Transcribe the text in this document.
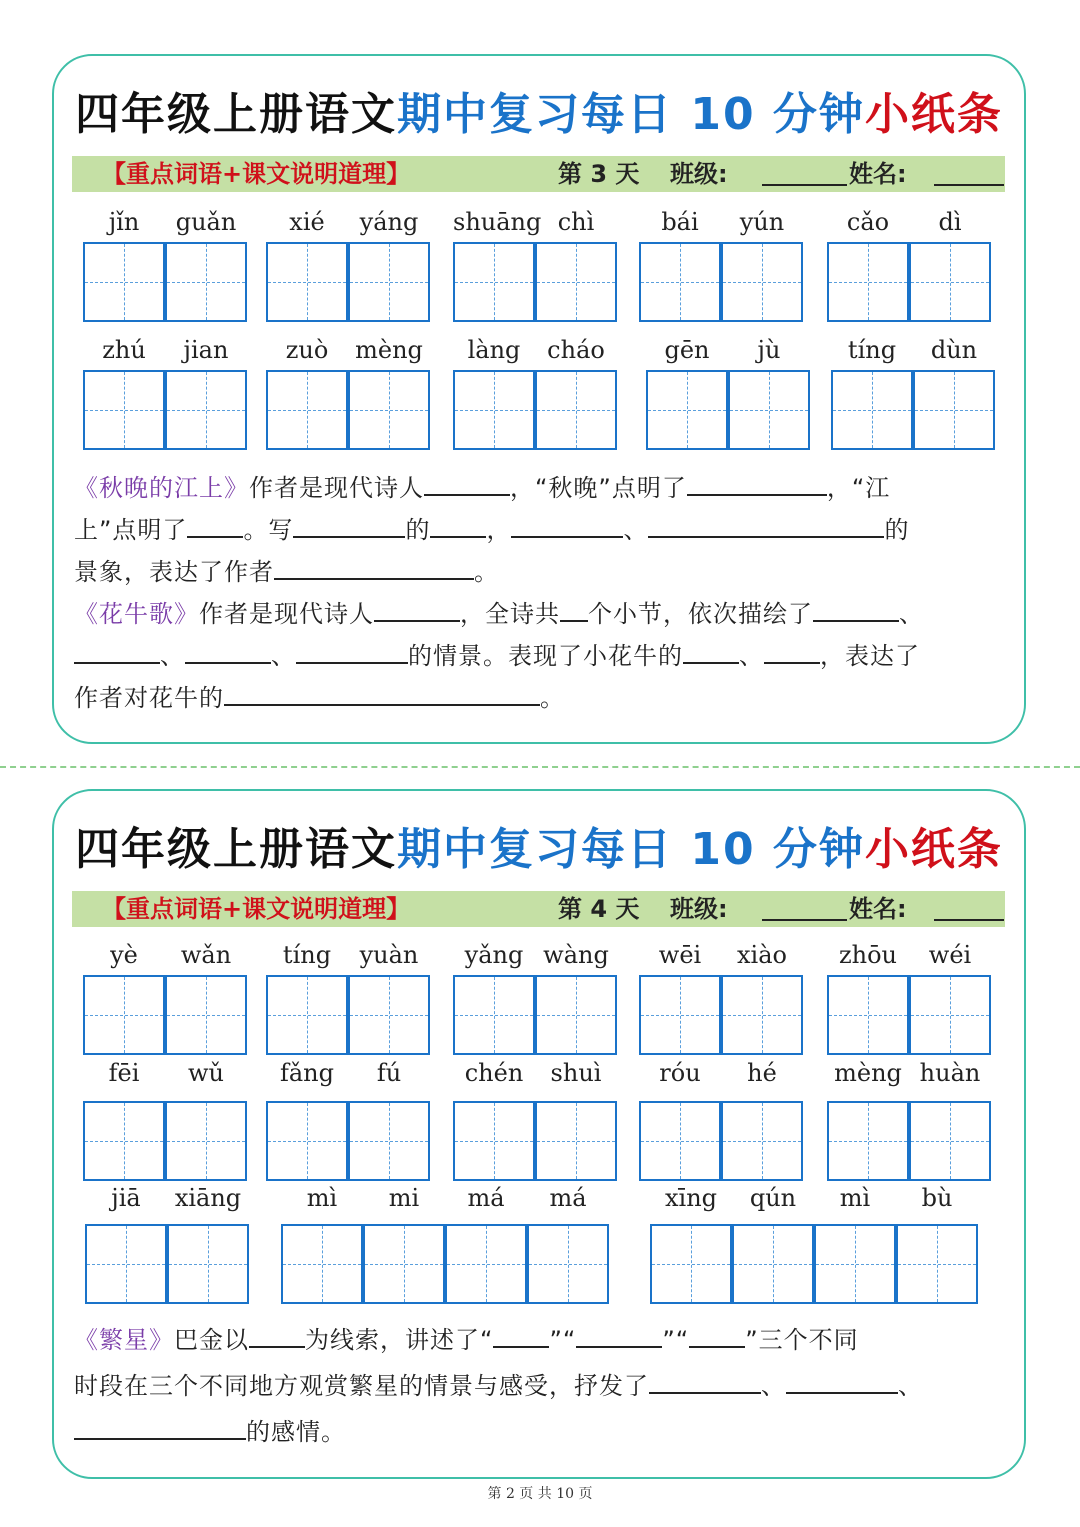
四年级上册语文期中复习每日 10 分钟小纸条
【重点词语+课文说明道理】	第 3 天 班级:	姓名:
jǐn	guǎn	xié	yáng	shuāng chì	bái	yún	cǎo	dì
zhú	jian	zuò	mèng	làng	cháo	gēn	jù	tíng	dùn
《秋晚的江上》作者是现代诗人	，“秋晚”点明了	，“江
上”点明了 。写	的 ，	、	的
景象，表达了作者	。
《花牛歌》作者是现代诗人	，全诗共 个小节，依次描绘了	、
、	、	的情景。表现了小花牛的 、 ，表达了
作者对花牛的	。
四年级上册语文期中复习每日 10 分钟小纸条
【重点词语+课文说明道理】	第 4 天 班级:	姓名:
yè	wǎn	tíng	yuàn	yǎng wàng	wēi	xiào	zhōu	wéi
fēi	wǔ	fǎng	fú	chén	shuì	róu	hé	mèng huàn
jiā	xiāng	mì	mi	má	má	xīng	qún	mì	bù
《繁星》巴金以 为线索，讲述了“ ”“	”“ ”三个不同
时段在三个不同地方观赏繁星的情景与感受，抒发了	、	、
的感情。
第 2 页 共 10 页
